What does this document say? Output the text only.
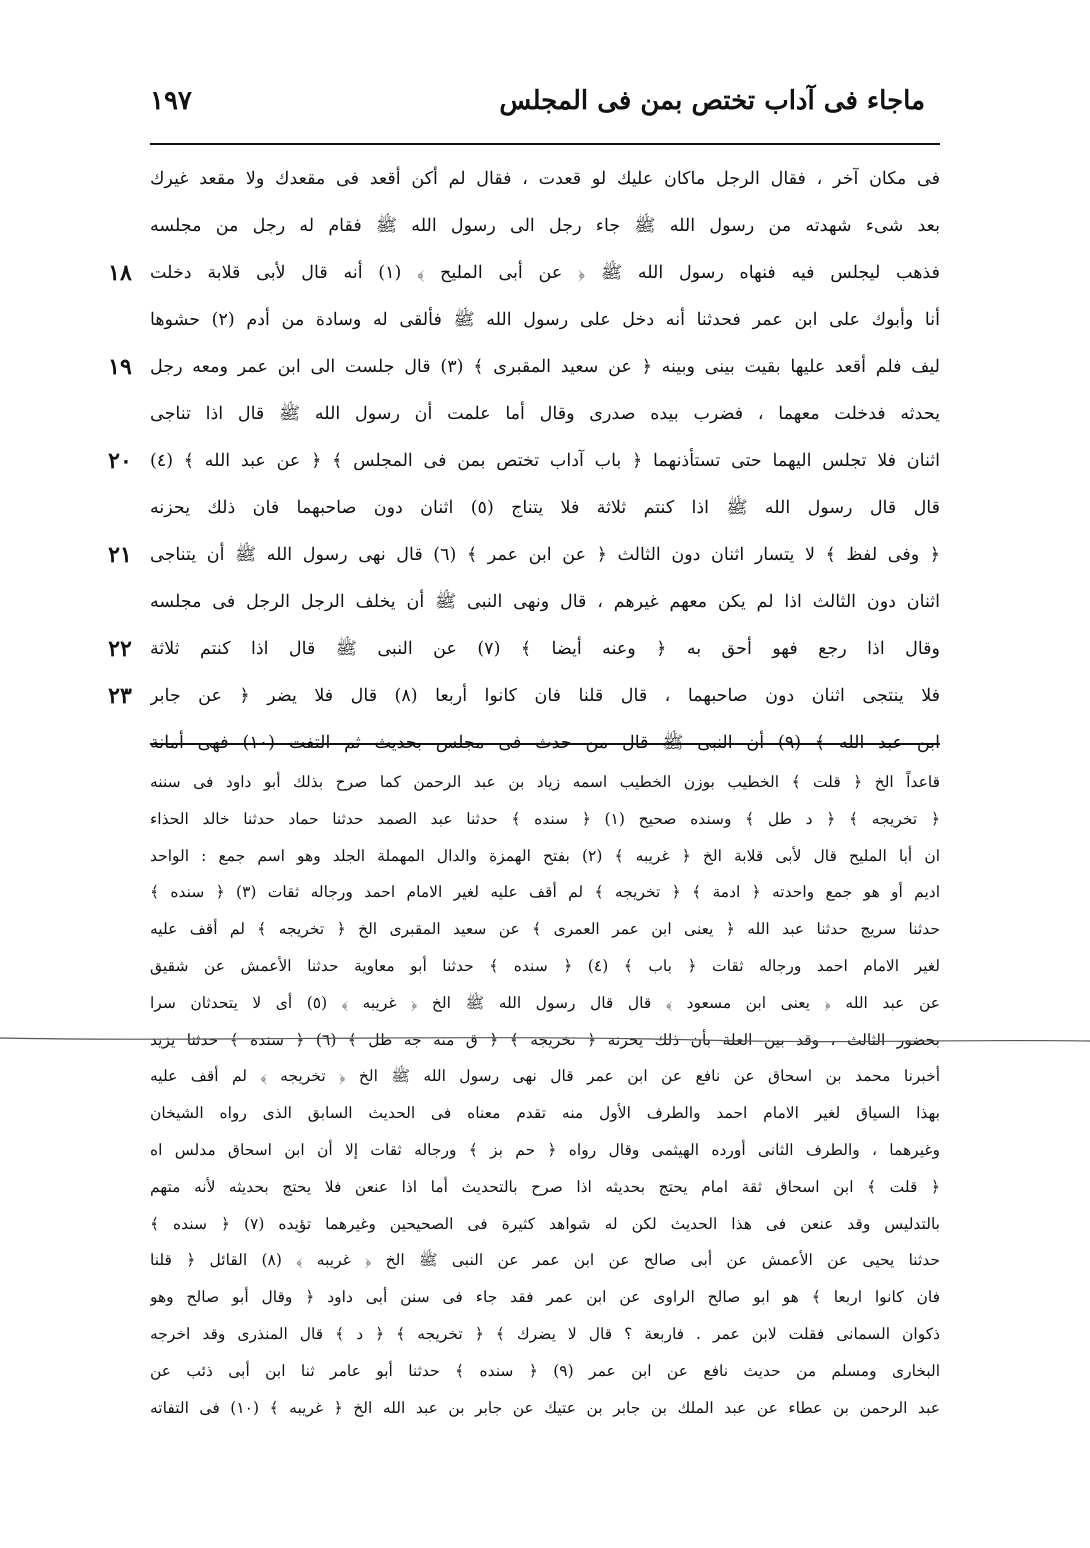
ماجاء فى آداب تختص بمن فى المجلس
١٩٧
١٨
١٩
٢٠
٢١
٢٢
٢٣
فى مكان آخر ، فقال الرجل ماكان عليك لو قعدت ، فقال لم أكن أقعد فى مقعدك ولا مقعد غيرك
بعد شىء شهدته من رسول الله ﷺ جاء رجل الى رسول الله ﷺ فقام له رجل من مجلسه
فذهب ليجلس فيه فنهاه رسول الله ﷺ ﴿ عن أبى المليح ﴾ (١) أنه قال لأبى قلابة دخلت
أنا وأبوك على ابن عمر فحدثنا أنه دخل على رسول الله ﷺ فألقى له وسادة من أدم (٢) حشوها
ليف فلم أقعد عليها بقيت بينى وبينه ﴿ عن سعيد المقبرى ﴾ (٣) قال جلست الى ابن عمر ومعه رجل
يحدثه فدخلت معهما ، فضرب بيده صدرى وقال أما علمت أن رسول الله ﷺ قال اذا تناجى
اثنان فلا تجلس اليهما حتى تستأذنهما ﴿ باب آداب تختص بمن فى المجلس ﴾ ﴿ عن عبد الله ﴾ (٤)
قال قال رسول الله ﷺ اذا كنتم ثلاثة فلا يتناج (٥) اثنان دون صاحبهما فان ذلك يحزنه
﴿ وفى لفظ ﴾ لا يتسار اثنان دون الثالث ﴿ عن ابن عمر ﴾ (٦) قال نهى رسول الله ﷺ أن يتناجى
اثنان دون الثالث اذا لم يكن معهم غيرهم ، قال ونهى النبى ﷺ أن يخلف الرجل الرجل فى مجلسه
وقال اذا رجع فهو أحق به ﴿ وعنه أيضا ﴾ (٧) عن النبى ﷺ قال اذا كنتم ثلاثة
فلا ينتجى اثنان دون صاحبهما ، قال قلنا فان كانوا أربعا (٨) قال فلا يضر ﴿ عن جابر
ابن عبد الله ﴾ (٩) أن النبى ﷺ قال من حدث فى مجلس بحديث ثم التفت (١٠) فهى أمانة
قاعداً الخ ﴿ قلت ﴾ الخطيب بوزن الخطيب اسمه زياد بن عبد الرحمن كما صرح بذلك أبو داود فى سننه
﴿ تخريجه ﴾ ﴿ د طل ﴾ وسنده صحيح (١) ﴿ سنده ﴾ حدثنا عبد الصمد حدثنا حماد حدثنا خالد الحذاء
ان أبا المليح قال لأبى قلابة الخ ﴿ غريبه ﴾ (٢) بفتح الهمزة والدال المهملة الجلد وهو اسم جمع : الواحد
اديم أو هو جمع واحدته ﴿ ادمة ﴾ ﴿ تخريجه ﴾ لم أقف عليه لغير الامام احمد ورجاله ثقات (٣) ﴿ سنده ﴾
حدثنا سريج حدثنا عبد الله ﴿ يعنى ابن عمر العمرى ﴾ عن سعيد المقبرى الخ ﴿ تخريجه ﴾ لم أقف عليه
لغير الامام احمد ورجاله ثقات ﴿ باب ﴾ (٤) ﴿ سنده ﴾ حدثنا أبو معاوية حدثنا الأعمش عن شقيق
عن عبد الله ﴿ يعنى ابن مسعود ﴾ قال قال رسول الله ﷺ الخ ﴿ غريبه ﴾ (٥) أى لا يتحدثان سرا
بحضور الثالث ، وقد بين العلة بأن ذلك يحزنه ﴿ تخريجه ﴾ ﴿ ق منه جه طل ﴾ (٦) ﴿ سنده ﴾ حدثنا يزيد
أخبرنا محمد بن اسحاق عن نافع عن ابن عمر قال نهى رسول الله ﷺ الخ ﴿ تخريجه ﴾ لم أقف عليه
بهذا السياق لغير الامام احمد والطرف الأول منه تقدم معناه فى الحديث السابق الذى رواه الشيخان
وغيرهما ، والطرف الثانى أورده الهيثمى وقال رواه ﴿ حم بز ﴾ ورجاله ثقات إلا أن ابن اسحاق مدلس اه
﴿ قلت ﴾ ابن اسحاق ثقة امام يحتج بحديثه اذا صرح بالتحديث أما اذا عنعن فلا يحتج بحديثه لأنه متهم
بالتدليس وقد عنعن فى هذا الحديث لكن له شواهد كثيرة فى الصحيحين وغيرهما تؤيده (٧) ﴿ سنده ﴾
حدثنا يحيى عن الأعمش عن أبى صالح عن ابن عمر عن النبى ﷺ الخ ﴿ غريبه ﴾ (٨) القائل ﴿ قلنا
فان كانوا اربعا ﴾ هو ابو صالح الراوى عن ابن عمر فقد جاء فى سنن أبى داود ﴿ وقال أبو صالح وهو
ذكوان السمانى فقلت لابن عمر . فاربعة ؟ قال لا يضرك ﴾ ﴿ تخريجه ﴾ ﴿ د ﴾ قال المنذرى وقد اخرجه
البخارى ومسلم من حديث نافع عن ابن عمر (٩) ﴿ سنده ﴾ حدثنا أبو عامر ثنا ابن أبى ذئب عن
عبد الرحمن بن عطاء عن عبد الملك بن جابر بن عتيك عن جابر بن عبد الله الخ ﴿ غريبه ﴾ (١٠) فى التفاته
